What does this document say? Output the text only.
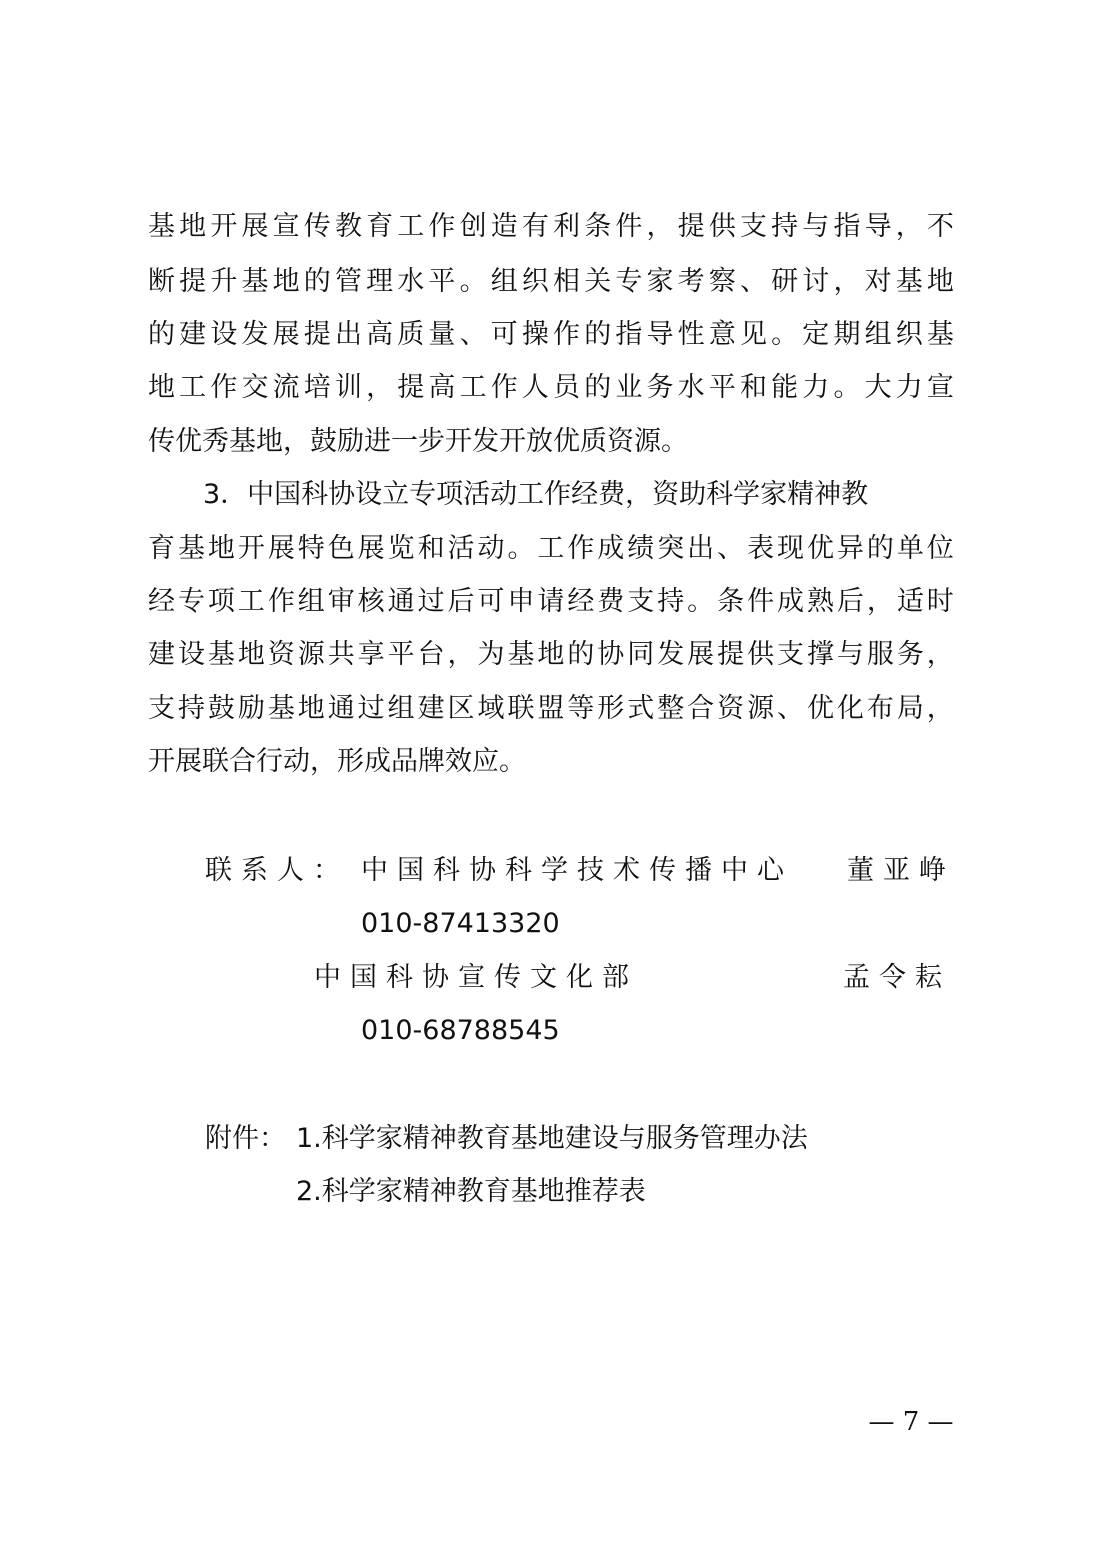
基 地 开 展 宣 传 教 育 工 作 创 造 有 利 条 件 ， 提 供 支 持 与 指 导 ， 不
断 提 升 基 地 的 管 理 水 平 。 组 织 相 关 专 家 考 察 、 研 讨 ， 对 基 地
的 建 设 发 展 提 出 高 质 量 、 可 操 作 的 指 导 性 意 见 。 定 期 组 织 基
地 工 作 交 流 培 训 ， 提 高 工 作 人 员 的 业 务 水 平 和 能 力 。 大 力 宣
传优秀基地，鼓励进一步开发开放优质资源。
3．中国科协设立专项活动工作经费，资助科学家精神教
育 基 地 开 展 特 色 展 览 和 活 动 。 工 作 成 绩 突 出 、 表 现 优 异 的 单 位
经 专 项 工 作 组 审 核 通 过 后 可 申 请 经 费 支 持 。 条 件 成 熟 后 ， 适 时
建 设 基 地 资 源 共 享 平 台 ， 为 基 地 的 协 同 发 展 提 供 支 撑 与 服 务 ，
支 持 鼓 励 基 地 通 过 组 建 区 域 联 盟 等 形 式 整 合 资 源 、 优 化 布 局 ，
开展联合行动，形成品牌效应。
联系人： 中国科协科学技术传播中心 董亚峥
010-87413320
中国科协宣传文化部	孟令耘
010-68788545
附件： 1.科学家精神教育基地建设与服务管理办法
2.科学家精神教育基地推荐表
— 7 —
